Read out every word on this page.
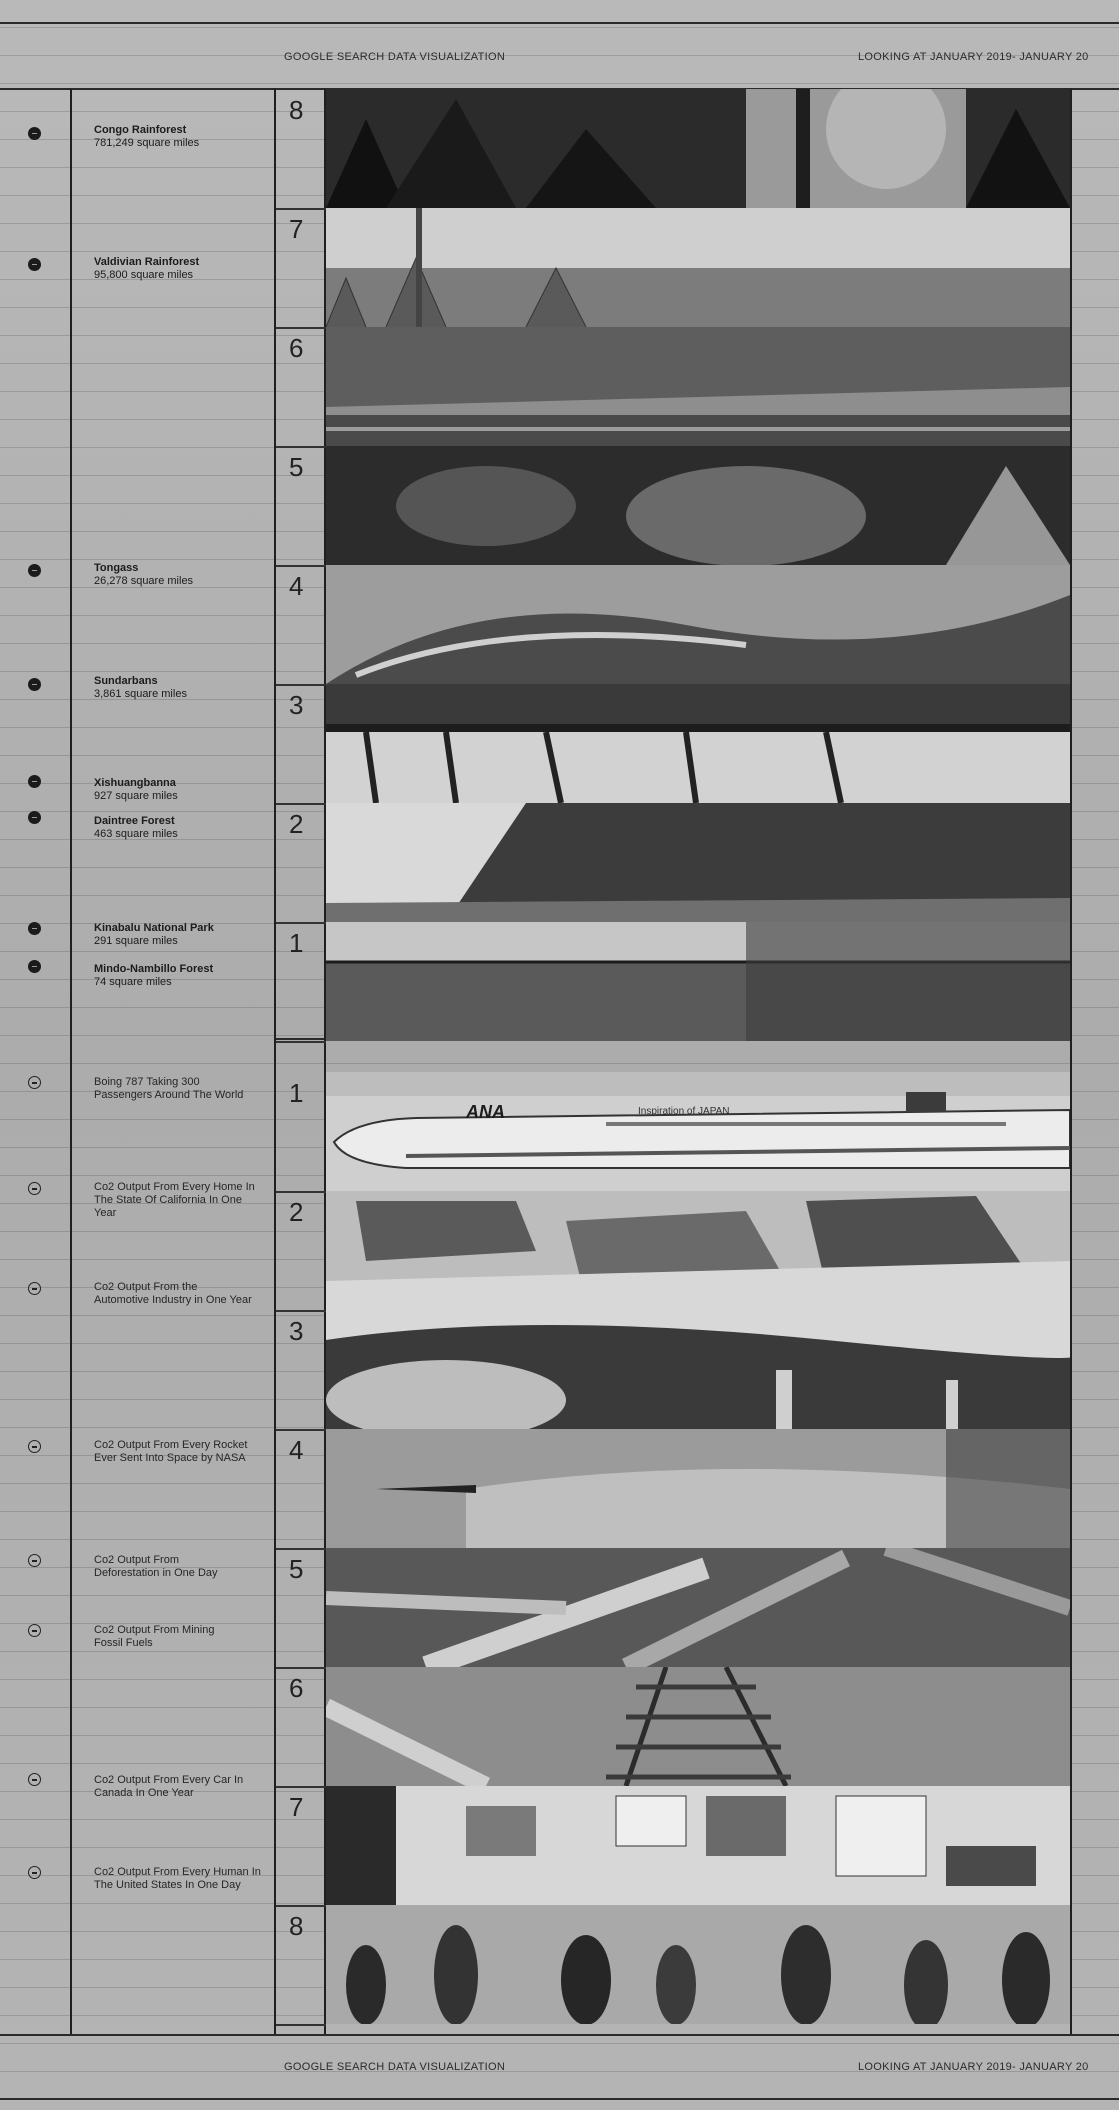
GOOGLE SEARCH DATA VISUALIZATION	LOOKING AT JANUARY 2019- JANUARY 20
GOOGLE SEARCH DATA VISUALIZATION	LOOKING AT JANUARY 2019- JANUARY 20
Congo Rainforest
781,249 square miles
Valdivian Rainforest
95,800 square miles
Tongass
26,278 square miles
Sundarbans
3,861 square miles
Xishuangbanna
927 square miles
Daintree Forest
463 square miles
Kinabalu National Park
291 square miles
Mindo-Nambillo Forest
74 square miles
Boing 787 Taking 300 Passengers Around The World
Co2 Output From Every Home In The State Of California In One Year
Co2 Output From the Automotive Industry in One Year
Co2 Output From Every Rocket Ever Sent Into Space by NASA
Co2 Output From Deforestation in One Day
Co2 Output From Mining Fossil Fuels
Co2 Output From Every Car In Canada In One Year
Co2 Output From Every Human In The United States In One Day
8
7
6
5
4
3
2
1
1
2
3
4
5
6
7
8
ANA	Inspiration of JAPAN
